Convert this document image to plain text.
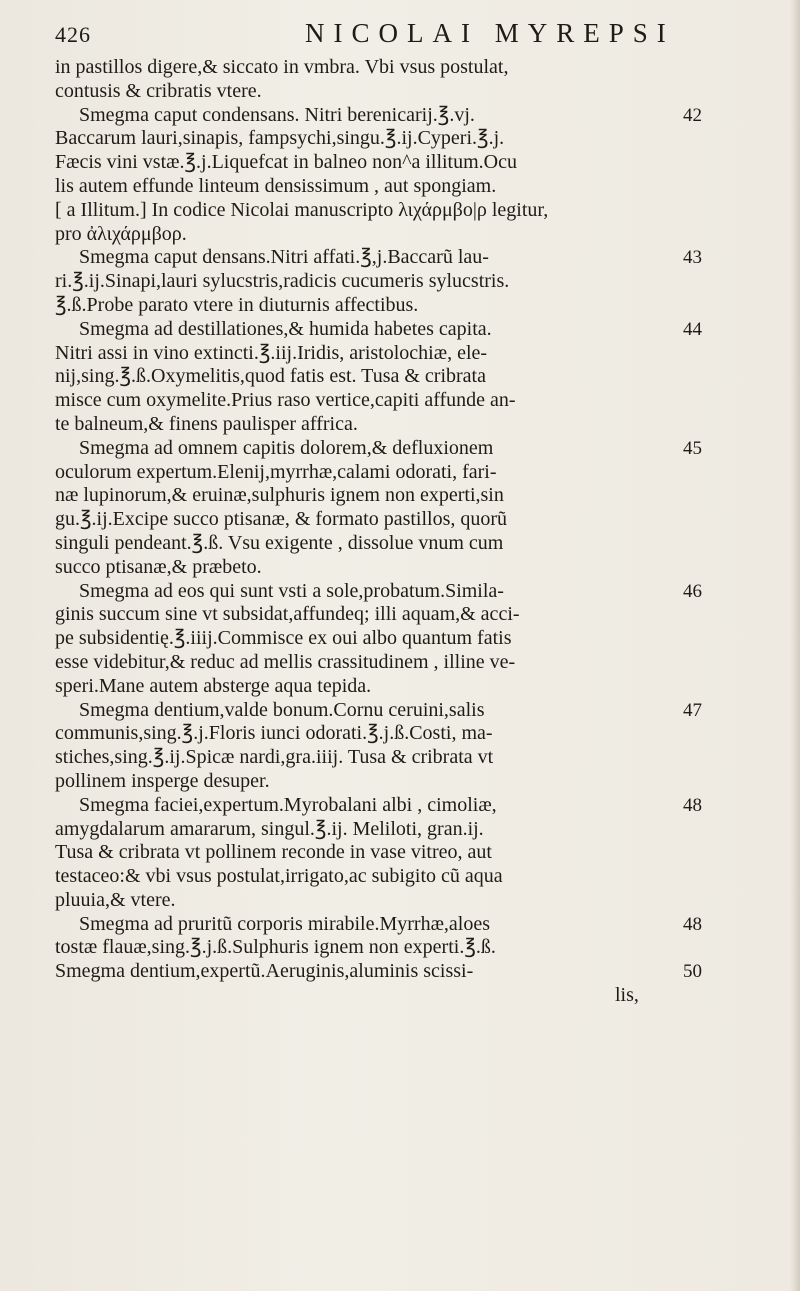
426	NICOLAI MYREPSI
in pastillos digere,& siccato in vmbra. Vbi vsus postulat,
contusis & cribratis vtere.
Smegma caput condensans. Nitri berenicarij.℥.vj.	42
Baccarum lauri,sinapis, fampsychi,singu.℥.ij.Cyperi.℥.j.
Fæcis vini vstæ.℥.j.Liquefcat in balneo non^a illitum.Ocu
lis autem effunde linteum densissimum , aut spongiam.
[ a Illitum.] In codice Nicolai manuscripto λιχάρμβο|ρ legitur,
pro ἀλιχάρμβορ.
Smegma caput densans.Nitri affati.℥,j.Baccarũ lau-	43
ri.℥.ij.Sinapi,lauri sylucstris,radicis cucumeris sylucstris.
℥.ß.Probe parato vtere in diuturnis affectibus.
Smegma ad destillationes,& humida habetes capita.	44
Nitri assi in vino extincti.℥.iij.Iridis, aristolochiæ, ele-
nij,sing.℥.ß.Oxymelitis,quod fatis est. Tusa & cribrata
misce cum oxymelite.Prius raso vertice,capiti affunde an-
te balneum,& finens paulisper affrica.
Smegma ad omnem capitis dolorem,& defluxionem	45
oculorum expertum.Elenij,myrrhæ,calami odorati, fari-
næ lupinorum,& eruinæ,sulphuris ignem non experti,sin
gu.℥.ij.Excipe succo ptisanæ, & formato pastillos, quorũ
singuli pendeant.℥.ß. Vsu exigente , dissolue vnum cum
succo ptisanæ,& præbeto.
Smegma ad eos qui sunt vsti a sole,probatum.Simila-	46
ginis succum sine vt subsidat,affundeq; illi aquam,& acci-
pe subsidentię.℥.iiij.Commisce ex oui albo quantum fatis
esse videbitur,& reduc ad mellis crassitudinem , illine ve-
speri.Mane autem absterge aqua tepida.
Smegma dentium,valde bonum.Cornu ceruini,salis	47
communis,sing.℥.j.Floris iunci odorati.℥.j.ß.Costi, ma-
stiches,sing.℥.ij.Spicæ nardi,gra.iiij. Tusa & cribrata vt
pollinem insperge desuper.
Smegma faciei,expertum.Myrobalani albi , cimoliæ,	48
amygdalarum amararum, singul.℥.ij. Meliloti, gran.ij.
Tusa & cribrata vt pollinem reconde in vase vitreo, aut
testaceo:& vbi vsus postulat,irrigato,ac subigito cũ aqua
pluuia,& vtere.
Smegma ad pruritũ corporis mirabile.Myrrhæ,aloes	48
tostæ flauæ,sing.℥.j.ß.Sulphuris ignem non experti.℥.ß.
Smegma dentium,expertũ.Aeruginis,aluminis scissi-	50
lis,
